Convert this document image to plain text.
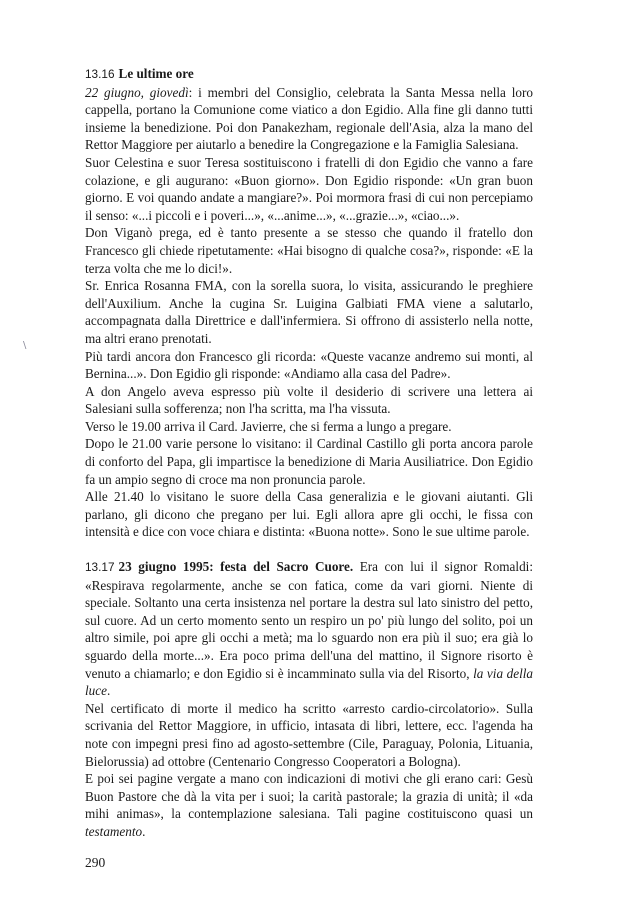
\

13.16 Le ultime ore

22 giugno, giovedì: i membri del Consiglio, celebrata la Santa Messa nella loro cappella, portano la Comunione come viatico a don Egidio. Alla fine gli danno tutti insieme la benedizione. Poi don Panakezham, regionale dell'Asia, alza la mano del Rettor Maggiore per aiutarlo a benedire la Congregazione e la Famiglia Salesiana.

Suor Celestina e suor Teresa sostituiscono i fratelli di don Egidio che vanno a fare colazione, e gli augurano: «Buon giorno». Don Egidio risponde: «Un gran buon giorno. E voi quando andate a mangiare?». Poi mormora frasi di cui non percepiamo il senso: «...i piccoli e i poveri...», «...anime...», «...grazie...», «ciao...».

Don Viganò prega, ed è tanto presente a se stesso che quando il fratello don Francesco gli chiede ripetutamente: «Hai bisogno di qualche cosa?», risponde: «E la terza volta che me lo dici!».

Sr. Enrica Rosanna FMA, con la sorella suora, lo visita, assicurando le preghiere dell'Auxilium. Anche la cugina Sr. Luigina Galbiati FMA viene a salutarlo, accompagnata dalla Direttrice e dall'infermiera. Si offrono di assisterlo nella notte, ma altri erano prenotati.

Più tardi ancora don Francesco gli ricorda: «Queste vacanze andremo sui monti, al Bernina...». Don Egidio gli risponde: «Andiamo alla casa del Padre».

A don Angelo aveva espresso più volte il desiderio di scrivere una lettera ai Salesiani sulla sofferenza; non l'ha scritta, ma l'ha vissuta.

Verso le 19.00 arriva il Card. Javierre, che si ferma a lungo a pregare.

Dopo le 21.00 varie persone lo visitano: il Cardinal Castillo gli porta ancora parole di conforto del Papa, gli impartisce la benedizione di Maria Ausiliatrice. Don Egidio fa un ampio segno di croce ma non pronuncia parole.

Alle 21.40 lo visitano le suore della Casa generalizia e le giovani aiutanti. Gli parlano, gli dicono che pregano per lui. Egli allora apre gli occhi, le fissa con intensità e dice con voce chiara e distinta: «Buona notte». Sono le sue ultime parole.

13.17 23 giugno 1995: festa del Sacro Cuore. Era con lui il signor Romaldi: «Respirava regolarmente, anche se con fatica, come da vari giorni. Niente di speciale. Soltanto una certa insistenza nel portare la destra sul lato sinistro del petto, sul cuore. Ad un certo momento sento un respiro un po' più lungo del solito, poi un altro simile, poi apre gli occhi a metà; ma lo sguardo non era più il suo; era già lo sguardo della morte...». Era poco prima dell'una del mattino, il Signore risorto è venuto a chiamarlo; e don Egidio si è incamminato sulla via del Risorto, la via della luce.

Nel certificato di morte il medico ha scritto «arresto cardio-circolatorio». Sulla scrivania del Rettor Maggiore, in ufficio, intasata di libri, lettere, ecc. l'agenda ha note con impegni presi fino ad agosto-settembre (Cile, Paraguay, Polonia, Lituania, Bielorussia) ad ottobre (Centenario Congresso Cooperatori a Bologna).

E poi sei pagine vergate a mano con indicazioni di motivi che gli erano cari: Gesù Buon Pastore che dà la vita per i suoi; la carità pastorale; la grazia di unità; il «da mihi animas», la contemplazione salesiana. Tali pagine costituiscono quasi un testamento.

290
